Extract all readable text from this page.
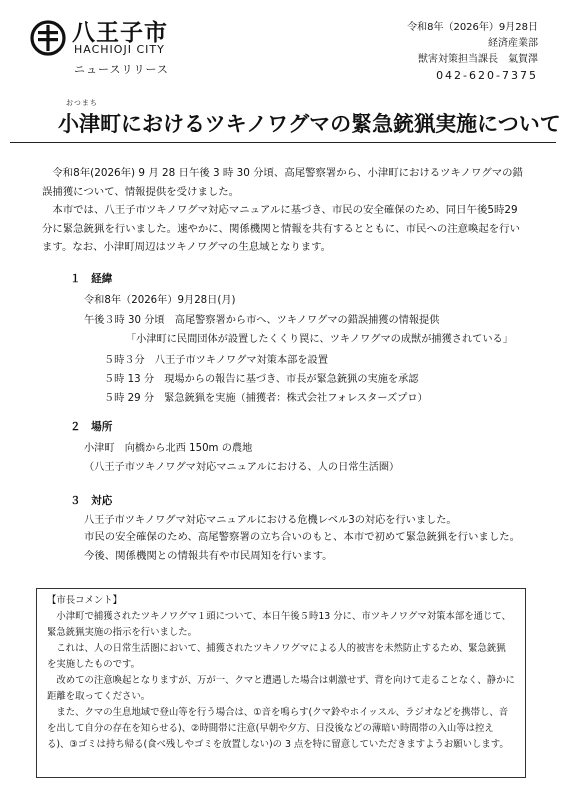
八王子市
HACHIOJI CITY
ニュースリリース
令和8年（2026年）9月28日
経済産業部
獣害対策担当課長　氣賀澤
042-620-7375
おつまち
小津町におけるツキノワグマの緊急銃猟実施について

令和8年(2026年) 9 月 28 日午後 3 時 30 分頃、高尾警察署から、小津町におけるツキノワグマの錯誤捕獲について、情報提供を受けました。

本市では、八王子市ツキノワグマ対応マニュアルに基づき、市民の安全確保のため、同日午後5時29 分に緊急銃猟を行いました。速やかに、関係機関と情報を共有するとともに、市民への注意喚起を行います。なお、小津町周辺はツキノワグマの生息域となります。

１　経緯
令和8年（2026年）9月28日(月)
午後３時 30 分頃　高尾警察署から市へ、ツキノワグマの錯誤捕獲の情報提供
「小津町に民間団体が設置したくくり罠に、ツキノワグマの成獣が捕獲されている」
５時３分　八王子市ツキノワグマ対策本部を設置
５時 13 分　現場からの報告に基づき、市長が緊急銃猟の実施を承認
５時 29 分　緊急銃猟を実施（捕獲者：株式会社フォレスターズプロ）
２　場所
小津町　向橋から北西 150m の農地
（八王子市ツキノワグマ対応マニュアルにおける、人の日常生活圏）
３　対応
八王子市ツキノワグマ対応マニュアルにおける危機レベル3の対応を行いました。
市民の安全確保のため、高尾警察署の立ち合いのもと、本市で初めて緊急銃猟を行いました。今後、関係機関との情報共有や市民周知を行います。
【市長コメント】

小津町で捕獲されたツキノワグマ１頭について、本日午後５時13 分に、市ツキノワグマ対策本部を通じて、緊急銃猟実施の指示を行いました。

これは、人の日常生活圏において、捕獲されたツキノワグマによる人的被害を未然防止するため、緊急銃猟を実施したものです。

改めての注意喚起となりますが、万が一、クマと遭遇した場合は刺激せず、背を向けて走ることなく、静かに距離を取ってください。

また、クマの生息地域で登山等を行う場合は、①音を鳴らす(クマ鈴やホイッスル、ラジオなどを携帯し、音を出して自分の存在を知らせる)、②時間帯に注意(早朝や夕方、日没後などの薄暗い時間帯の入山等は控える)、③ゴミは持ち帰る(食べ残しやゴミを放置しない)の 3 点を特に留意していただきますようお願いします。
